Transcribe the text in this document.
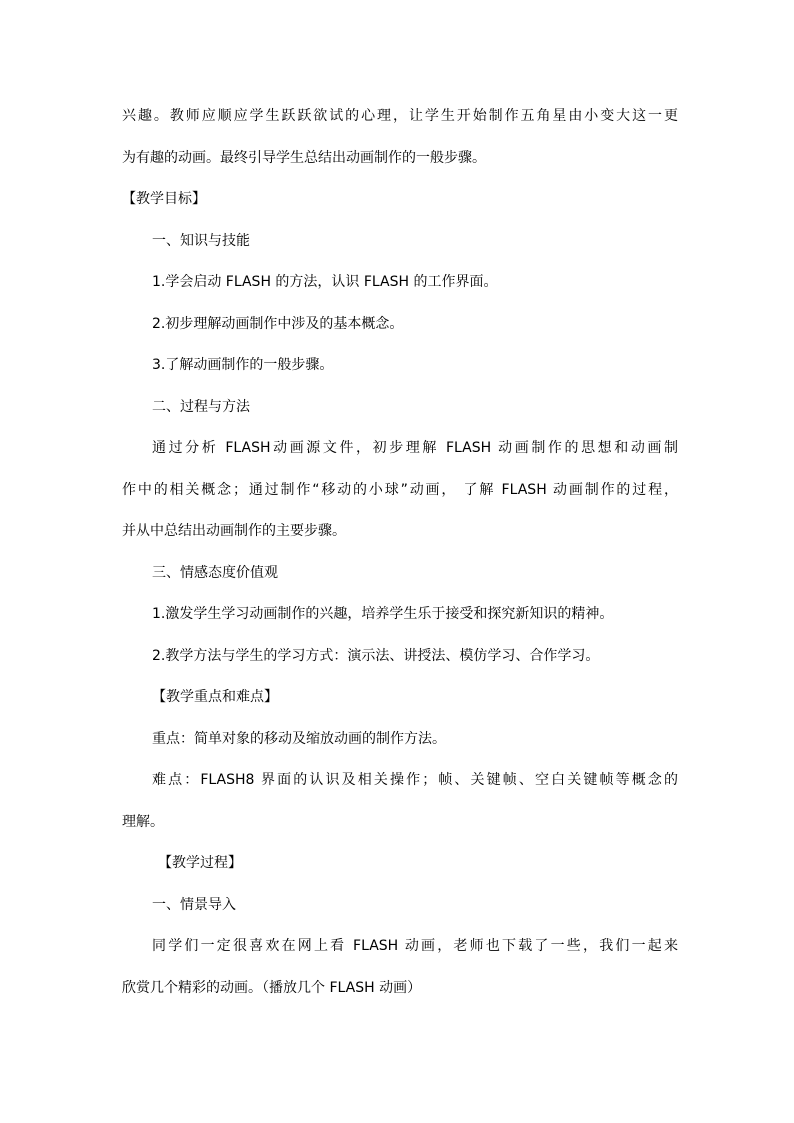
兴趣。教师应顺应学生跃跃欲试的心理，让学生开始制作五角星由小变大这一更
为有趣的动画。最终引导学生总结出动画制作的一般步骤。
【教学目标】
一、知识与技能
1.学会启动 FLASH 的方法，认识 FLASH 的工作界面。
2.初步理解动画制作中涉及的基本概念。
3.了解动画制作的一般步骤。
二、过程与方法
通过分析 FLASH动画源文件，初步理解 FLASH 动画制作的思想和动画制
作中的相关概念；通过制作“移动的小球”动画， 了解 FLASH 动画制作的过程，
并从中总结出动画制作的主要步骤。
三、情感态度价值观
1.激发学生学习动画制作的兴趣，培养学生乐于接受和探究新知识的精神。
2.教学方法与学生的学习方式：演示法、讲授法、模仿学习、合作学习。
【教学重点和难点】
重点：简单对象的移动及缩放动画的制作方法。
难点：FLASH8 界面的认识及相关操作；帧、关键帧、空白关键帧等概念的
理解。
【教学过程】
一、情景导入
同学们一定很喜欢在网上看 FLASH 动画，老师也下载了一些，我们一起来
欣赏几个精彩的动画。（播放几个 FLASH 动画）
